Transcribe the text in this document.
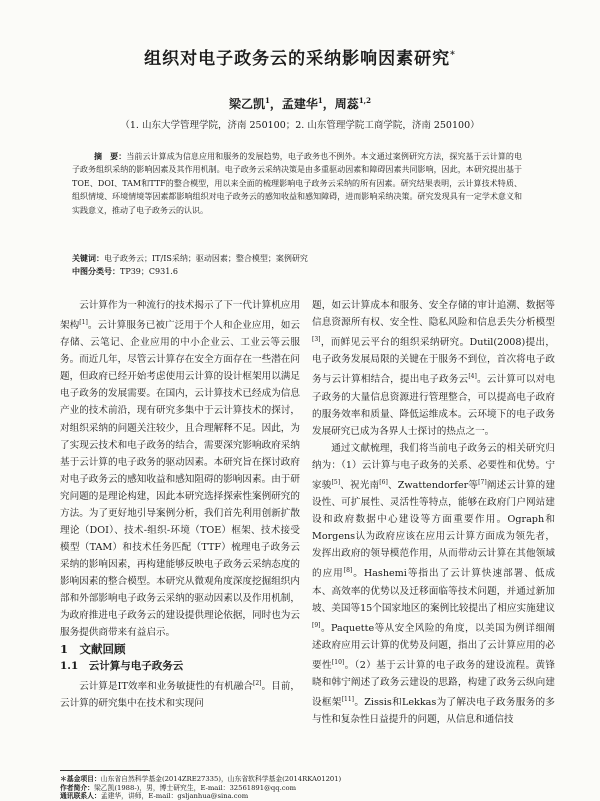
组织对电子政务云的采纳影响因素研究*
梁乙凯$^1$，孟建华$^1$，周蕊$^{1,2}$
（1. 山东大学管理学院，济南 250100；2. 山东管理学院工商学院，济南 250100）
摘　要：当前云计算成为信息应用和服务的发展趋势，电子政务也不例外。本文通过案例研究方法，探究基于云计算的电子政务组织采纳的影响因素及其作用机制。电子政务云采纳决策是由多重驱动因素和障碍因素共同影响，因此，本研究提出基于TOE、DOI、TAM和TTF的整合模型，用以来全面的梳理影响电子政务云采纳的所有因素。研究结果表明，云计算技术特质、组织情境、环境情境等因素都影响组织对电子政务云的感知收益和感知障碍，进而影响采纳决策。研究发现具有一定学术意义和实践意义，推动了电子政务云的认识。
关键词：电子政务云；IT/IS采纳；驱动因素；整合模型；案例研究
中图分类号：TP39；C931.6

云计算作为一种流行的技术揭示了下一代计算机应用架构[1]。云计算服务已被广泛用于个人和企业应用，如云存储、云笔记、企业应用的中小企业云、工业云等云服务。而近几年，尽管云计算存在安全方面存在一些潜在问题，但政府已经开始考虑使用云计算的设计框架用以满足电子政务的发展需要。在国内，云计算技术已经成为信息产业的技术前沿，现有研究多集中于云计算技术的探讨，对组织采纳的问题关注较少，且合理解释不足。因此，为了实现云技术和电子政务的结合，需要深究影响政府采纳基于云计算的电子政务的驱动因素。本研究旨在探讨政府对电子政务云的感知收益和感知阻碍的影响因素。由于研究问题的是理论构建，因此本研究选择探索性案例研究的方法。为了更好地引导案例分析，我们首先利用创新扩散理论（DOI）、技术-组织-环境（TOE）框架、技术接受模型（TAM）和技术任务匹配（TTF）梳理电子政务云采纳的影响因素，再构建能够反映电子政务云采纳态度的影响因素的整合模型。本研究从微观角度深度挖掘组织内部和外部影响电子政务云采纳的驱动因素以及作用机制，为政府推进电子政务云的建设提供理论依据，同时也为云服务提供商带来有益启示。

1　文献回顾

1.1　云计算与电子政务云

云计算是IT效率和业务敏捷性的有机融合[2]。目前，云计算的研究集中在技术和实现问

题，如云计算成本和服务、安全存储的审计追溯、数据等信息资源所有权、安全性、隐私风险和信息丢失分析模型[3]，而鲜见云平台的组织采纳研究。Dutil(2008)提出，电子政务发展局限的关键在于服务不到位，首次将电子政务与云计算相结合，提出电子政务云[4]。云计算可以对电子政务的大量信息资源进行管理整合，可以提高电子政府的服务效率和质量、降低运维成本。云环境下的电子政务发展研究已成为各界人士探讨的热点之一。

通过文献梳理，我们将当前电子政务云的相关研究归纳为：（1）云计算与电子政务的关系、必要性和优势。宁家骏[5]、祝光南[6]、Zwattendorfer等[7]阐述云计算的建设性、可扩展性、灵活性等特点，能够在政府门户网站建设和政府数据中心建设等方面重要作用。Ograph和Morgens认为政府应该在应用云计算方面成为领先者，发挥出政府的领导模范作用，从而带动云计算在其他领域的应用[8]。Hashemi等指出了云计算快速部署、低成本、高效率的优势以及迁移面临等技术问题，并通过新加坡、美国等15个国家地区的案例比较提出了相应实施建议[9]。Paquette等从安全风险的角度，以美国为例详细阐述政府应用云计算的优势及问题，指出了云计算应用的必要性[10]。（2）基于云计算的电子政务的建设流程。黄锋晓和韩宁阐述了政务云建设的思路，构建了政务云纵向建设框架[11]。Zissis和Lekkas为了解决电子政务服务的多与性和复杂性日益提升的问题，从信息和通信技

＊基金项目：山东省自然科学基金(2014ZRE27335)，山东省软科学基金(2014RKA01201)
作者简介：梁乙凯(1988-)，男，博士研究生，E-mail：32561891@qq.com
通讯联系人：孟建华，讲师，E-mail：gsljanhua@sina.com
